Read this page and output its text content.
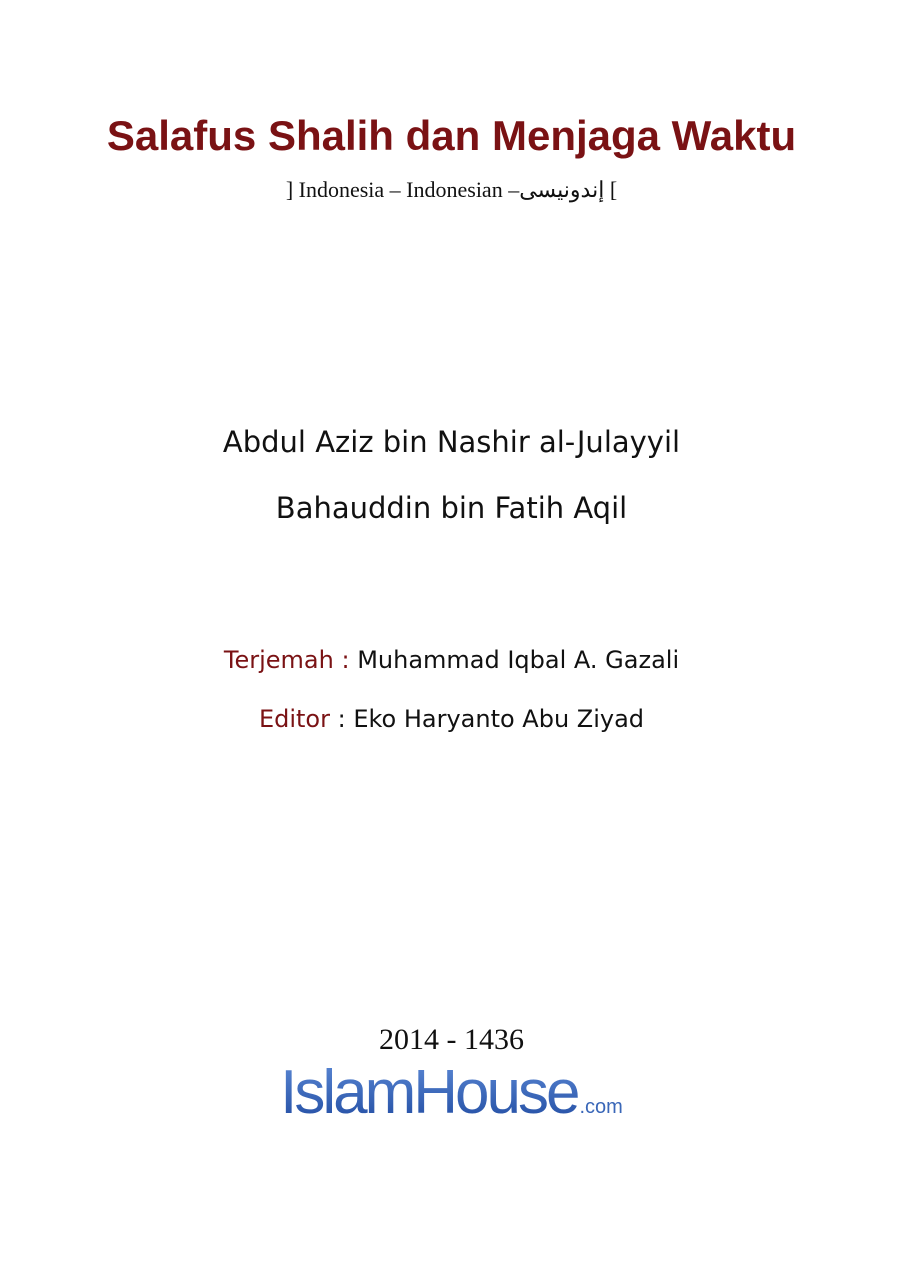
Salafus Shalih dan Menjaga Waktu
] Indonesia – Indonesian –إندونيسى [
Abdul Aziz bin Nashir al-Julayyil
Bahauddin bin Fatih Aqil
Terjemah : Muhammad Iqbal A. Gazali
Editor : Eko Haryanto Abu Ziyad
2014 - 1436
IslamHouse .com
